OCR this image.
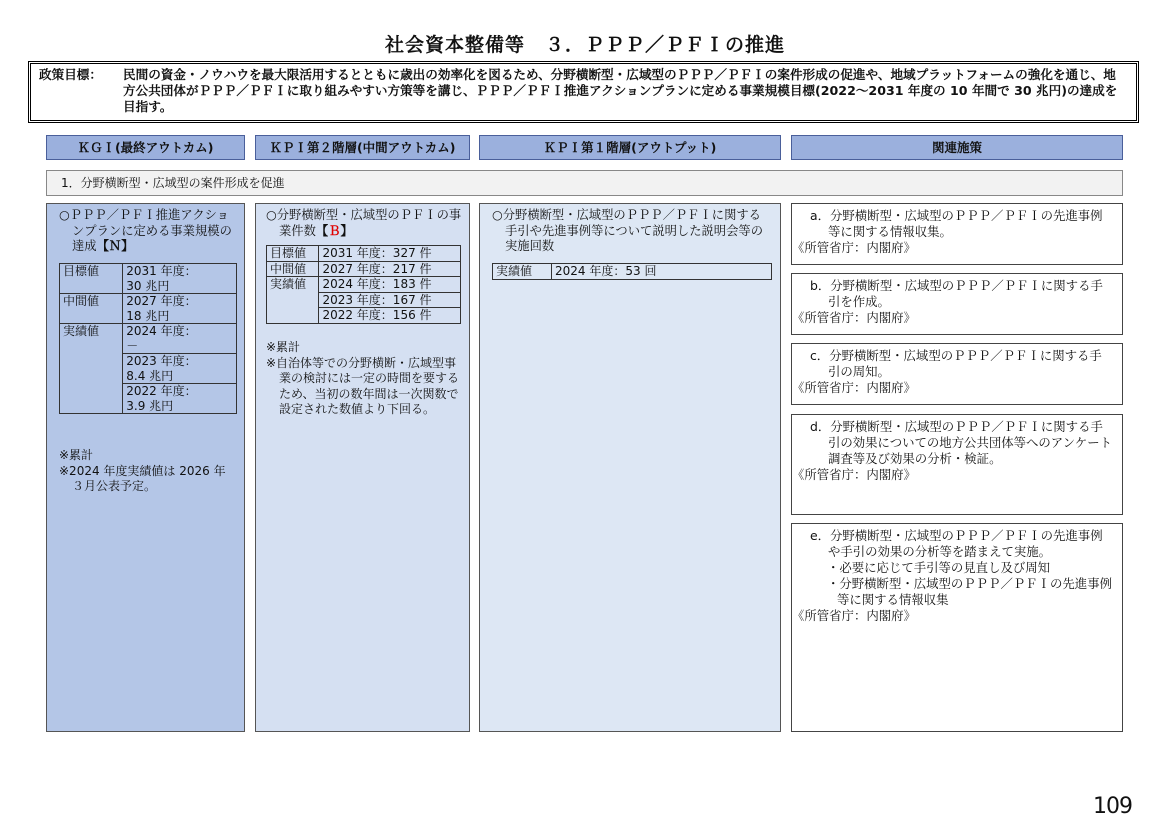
社会資本整備等　３．ＰＰＰ／ＰＦＩの推進
政策目標： 民間の資金・ノウハウを最大限活用するとともに歳出の効率化を図るため、分野横断型・広域型のＰＰＰ／ＰＦＩの案件形成の促進や、地域プラットフォームの強化を通じ、地方公共団体がＰＰＰ／ＰＦＩに取り組みやすい方策等を講じ、ＰＰＰ／ＰＦＩ推進アクションプランに定める事業規模目標(2022～2031 年度の 10 年間で 30 兆円)の達成を目指す。
ＫＧＩ(最終アウトカム)	ＫＰＩ第２階層(中間アウトカム)	ＫＰＩ第１階層(アウトプット)	関連施策
1．分野横断型・広域型の案件形成を促進
○ＰＰＰ／ＰＦＩ推進アクションプランに定める事業規模の達成【Ｎ】
目標値	2031 年度：
	30 兆円
中間値	2027 年度：
	18 兆円
実績値	2024 年度：
	－
	2023 年度：
	8.4 兆円
	2022 年度：
	3.9 兆円
※累計
※2024 年度実績値は 2026 年３月公表予定。
○分野横断型・広域型のＰＦＩの事業件数【Ｂ】
目標値	2031 年度：327 件
中間値	2027 年度：217 件
実績値	2024 年度：183 件
	2023 年度：167 件
	2022 年度：156 件
※累計
※自治体等での分野横断・広域型事業の検討には一定の時間を要するため、当初の数年間は一次関数で設定された数値より下回る。
○分野横断型・広域型のＰＰＰ／ＰＦＩに関する手引や先進事例等について説明した説明会等の実施回数
実績値	2024 年度：53 回
a．分野横断型・広域型のＰＰＰ／ＰＦＩの先進事例等に関する情報収集。
《所管省庁：内閣府》
b．分野横断型・広域型のＰＰＰ／ＰＦＩに関する手引を作成。
《所管省庁：内閣府》
c．分野横断型・広域型のＰＰＰ／ＰＦＩに関する手引の周知。
《所管省庁：内閣府》
d．分野横断型・広域型のＰＰＰ／ＰＦＩに関する手引の効果についての地方公共団体等へのアンケート調査等及び効果の分析・検証。
《所管省庁：内閣府》
e．分野横断型・広域型のＰＰＰ／ＰＦＩの先進事例や手引の効果の分析等を踏まえて実施。
・必要に応じて手引等の見直し及び周知
・分野横断型・広域型のＰＰＰ／ＰＦＩの先進事例等に関する情報収集
《所管省庁：内閣府》
109
